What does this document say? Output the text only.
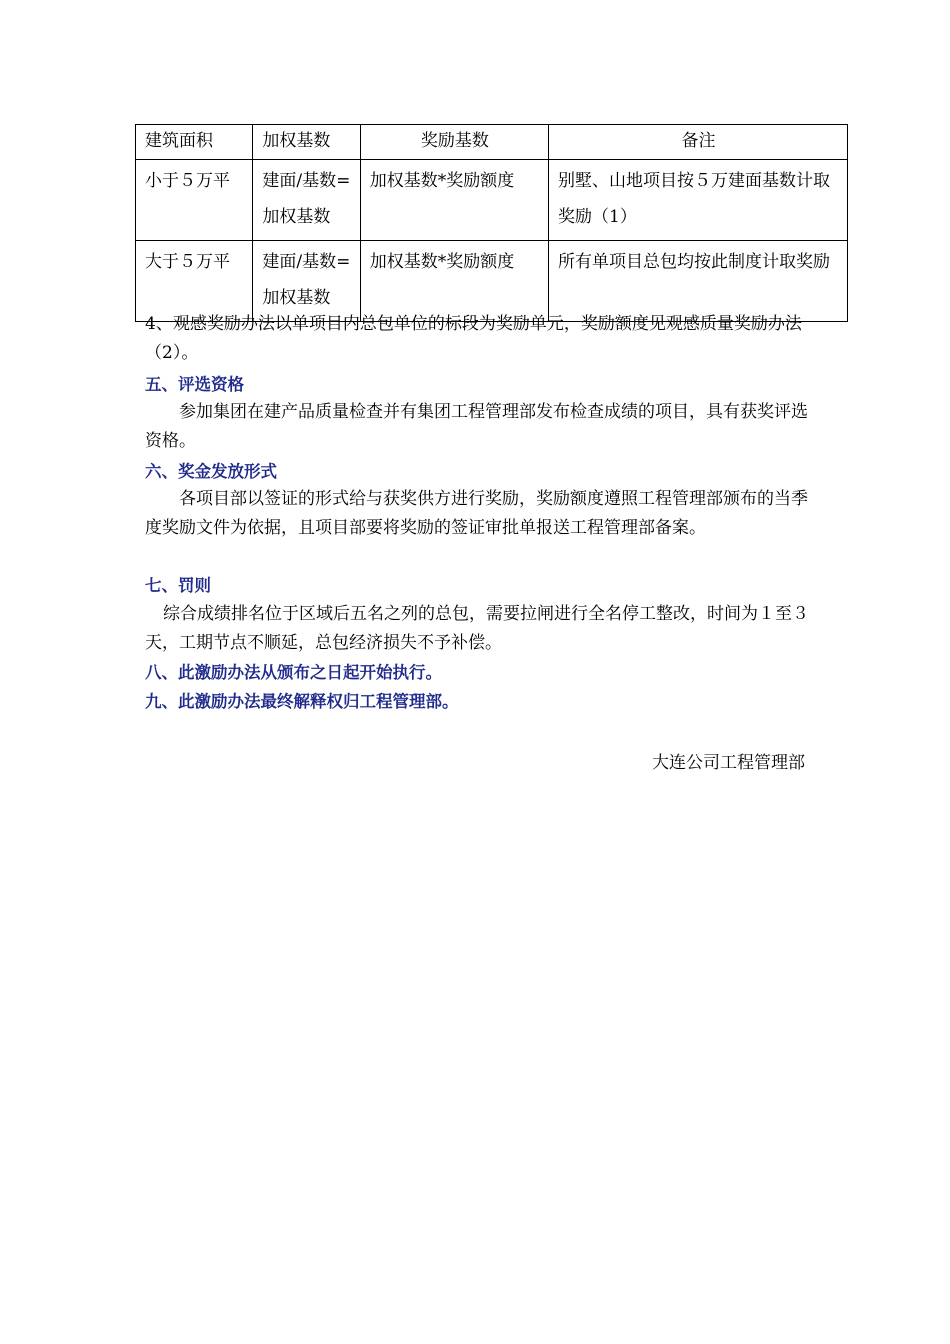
建筑面积	加权基数	奖励基数	备注
小于５万平	建面/基数=加权基数	加权基数*奖励额度	别墅、山地项目按５万建面基数计取奖励（1）
大于５万平	建面/基数=加权基数	加权基数*奖励额度	所有单项目总包均按此制度计取奖励

4、观感奖励办法以单项目内总包单位的标段为奖励单元，奖励额度见观感质量奖励办法（2）。

五、评选资格

参加集团在建产品质量检查并有集团工程管理部发布检查成绩的项目，具有获奖评选资格。

六、奖金发放形式

各项目部以签证的形式给与获奖供方进行奖励，奖励额度遵照工程管理部颁布的当季度奖励文件为依据，且项目部要将奖励的签证审批单报送工程管理部备案。

七、罚则

综合成绩排名位于区域后五名之列的总包，需要拉闸进行全名停工整改，时间为１至３天，工期节点不顺延，总包经济损失不予补偿。

八、此激励办法从颁布之日起开始执行。
九、此激励办法最终解释权归工程管理部。
大连公司工程管理部
